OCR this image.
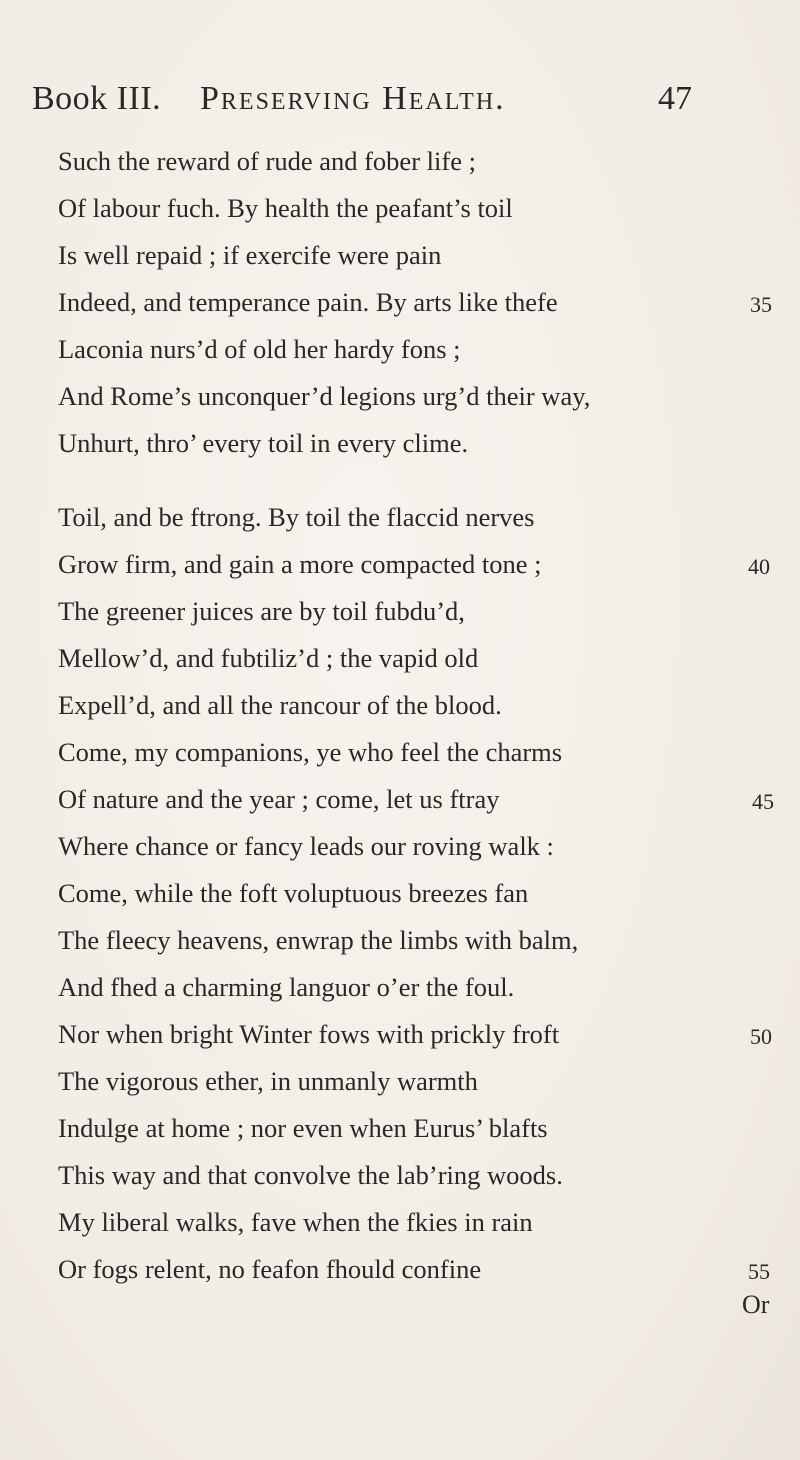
Book III. Preserving Health.	47
Such the reward of rude and fober life ;
Of labour fuch. By health the peafant’s toil
Is well repaid ; if exercife were pain
Indeed, and temperance pain. By arts like thefe
Laconia nurs’d of old her hardy fons ;
And Rome’s unconquer’d legions urg’d their way,
Unhurt, thro’ every toil in every clime.
Toil, and be ftrong. By toil the flaccid nerves
Grow firm, and gain a more compacted tone ;
The greener juices are by toil fubdu’d,
Mellow’d, and fubtiliz’d ; the vapid old
Expell’d, and all the rancour of the blood.
Come, my companions, ye who feel the charms
Of nature and the year ; come, let us ftray
Where chance or fancy leads our roving walk :
Come, while the foft voluptuous breezes fan
The fleecy heavens, enwrap the limbs with balm,
And fhed a charming languor o’er the foul.
Nor when bright Winter fows with prickly froft
The vigorous ether, in unmanly warmth
Indulge at home ; nor even when Eurus’ blafts
This way and that convolve the lab’ring woods.
My liberal walks, fave when the fkies in rain
Or fogs relent, no feafon fhould confine
35
40
45
50
55
Or
